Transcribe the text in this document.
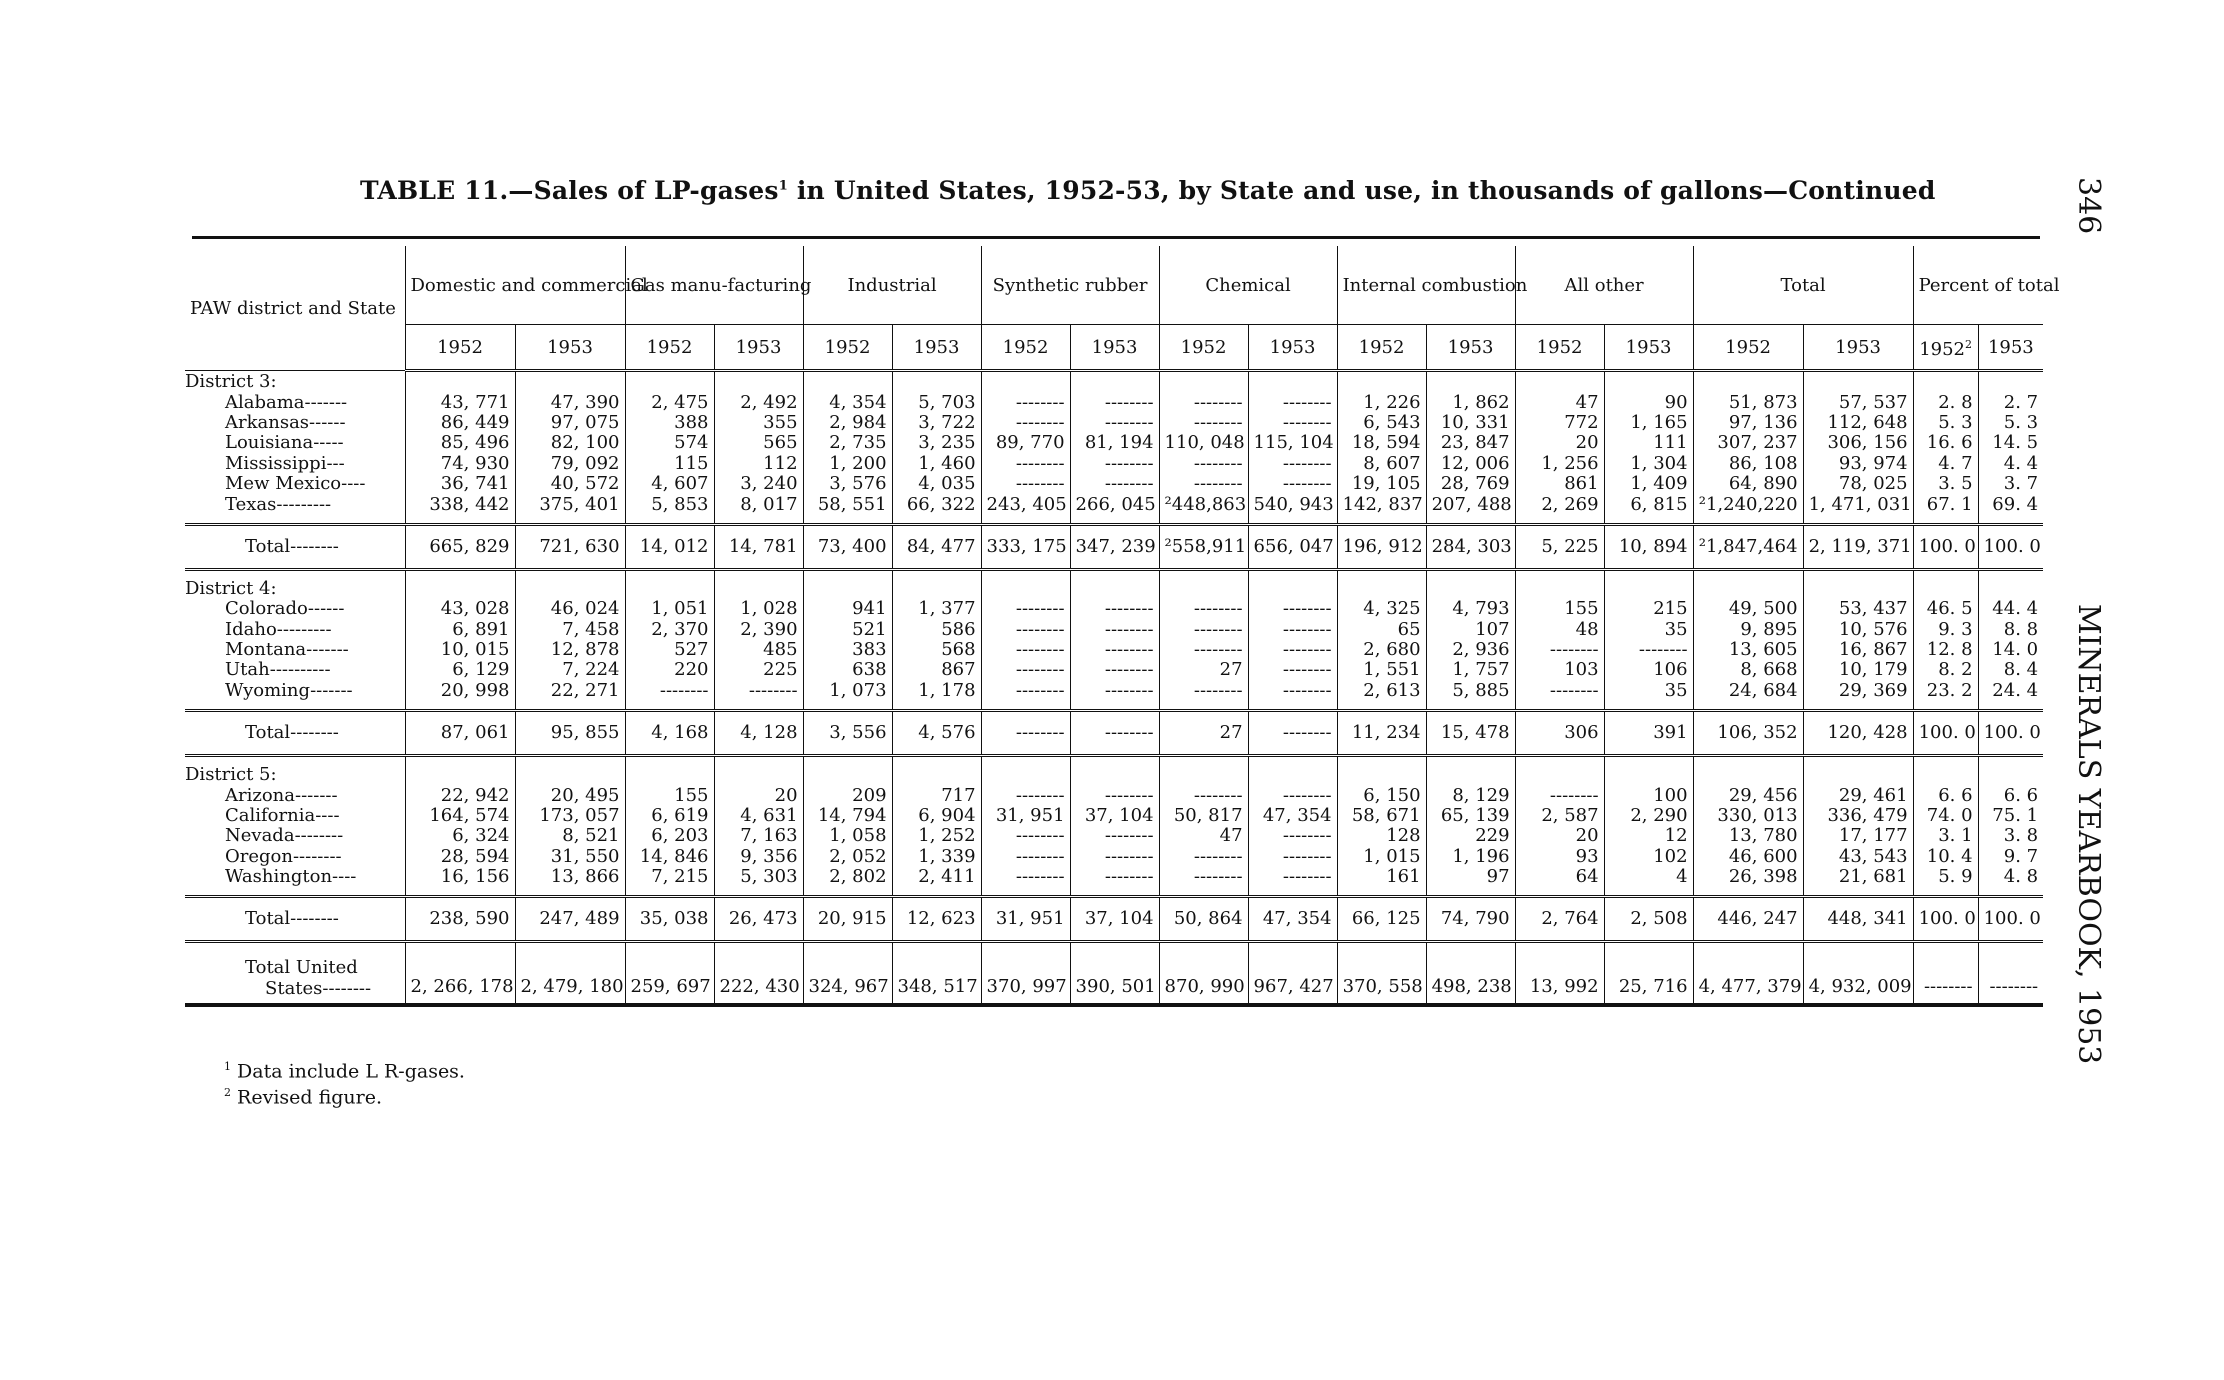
TABLE 11.—Sales of LP-gases$^1$ in United States, 1952-53, by State and use, in thousands of gallons—Continued	346 MINERALS YEARBOOK, 1953
PAW district and State	Domestic and commercial		Gas manu-facturing		Industrial		Synthetic rubber		Chemical		Internal combustion		All other		Total		Percent of total	
	1952	1953	1952	1953	1952	1953	1952	1953	1952	1953	1952	1953	1952	1953	1952	1953	1952$^2$	1953
District 3:																		
Alabama-------	43, 771	47, 390	2, 475	2, 492	4, 354	5, 703	--------	--------	--------	--------	1, 226	1, 862	47	90	51, 873	57, 537	2. 8	2. 7
Arkansas------	86, 449	97, 075	388	355	2, 984	3, 722	--------	--------	--------	--------	6, 543	10, 331	772	1, 165	97, 136	112, 648	5. 3	5. 3
Louisiana-----	85, 496	82, 100	574	565	2, 735	3, 235	89, 770	81, 194	110, 048	115, 104	18, 594	23, 847	20	111	307, 237	306, 156	16. 6	14. 5
Mississippi---	74, 930	79, 092	115	112	1, 200	1, 460	--------	--------	--------	--------	8, 607	12, 006	1, 256	1, 304	86, 108	93, 974	4. 7	4. 4
Mew Mexico----	36, 741	40, 572	4, 607	3, 240	3, 576	4, 035	--------	--------	--------	--------	19, 105	28, 769	861	1, 409	64, 890	78, 025	3. 5	3. 7
Texas---------	338, 442	375, 401	5, 853	8, 017	58, 551	66, 322	243, 405	266, 045	²448,863	540, 943	142, 837	207, 488	2, 269	6, 815	²1,240,220	1, 471, 031	67. 1	69. 4

Total--------	665, 829	721, 630	14, 012	14, 781	73, 400	84, 477	333, 175	347, 239	²558,911	656, 047	196, 912	284, 303	5, 225	10, 894	²1,847,464	2, 119, 371	100. 0	100. 0

District 4:																		
Colorado------	43, 028	46, 024	1, 051	1, 028	941	1, 377	--------	--------	--------	--------	4, 325	4, 793	155	215	49, 500	53, 437	46. 5	44. 4
Idaho---------	6, 891	7, 458	2, 370	2, 390	521	586	--------	--------	--------	--------	65	107	48	35	9, 895	10, 576	9. 3	8. 8
Montana-------	10, 015	12, 878	527	485	383	568	--------	--------	--------	--------	2, 680	2, 936	--------	--------	13, 605	16, 867	12. 8	14. 0
Utah----------	6, 129	7, 224	220	225	638	867	--------	--------	27	--------	1, 551	1, 757	103	106	8, 668	10, 179	8. 2	8. 4
Wyoming-------	20, 998	22, 271	--------	--------	1, 073	1, 178	--------	--------	--------	--------	2, 613	5, 885	--------	35	24, 684	29, 369	23. 2	24. 4

Total--------	87, 061	95, 855	4, 168	4, 128	3, 556	4, 576	--------	--------	27	--------	11, 234	15, 478	306	391	106, 352	120, 428	100. 0	100. 0

District 5:																		
Arizona-------	22, 942	20, 495	155	20	209	717	--------	--------	--------	--------	6, 150	8, 129	--------	100	29, 456	29, 461	6. 6	6. 6
California----	164, 574	173, 057	6, 619	4, 631	14, 794	6, 904	31, 951	37, 104	50, 817	47, 354	58, 671	65, 139	2, 587	2, 290	330, 013	336, 479	74. 0	75. 1
Nevada--------	6, 324	8, 521	6, 203	7, 163	1, 058	1, 252	--------	--------	47	--------	128	229	20	12	13, 780	17, 177	3. 1	3. 8
Oregon--------	28, 594	31, 550	14, 846	9, 356	2, 052	1, 339	--------	--------	--------	--------	1, 015	1, 196	93	102	46, 600	43, 543	10. 4	9. 7
Washington----	16, 156	13, 866	7, 215	5, 303	2, 802	2, 411	--------	--------	--------	--------	161	97	64	4	26, 398	21, 681	5. 9	4. 8

Total--------	238, 590	247, 489	35, 038	26, 473	20, 915	12, 623	31, 951	37, 104	50, 864	47, 354	66, 125	74, 790	2, 764	2, 508	446, 247	448, 341	100. 0	100. 0
Total United
States--------	2, 266, 178	2, 479, 180	259, 697	222, 430	324, 967	348, 517	370, 997	390, 501	870, 990	967, 427	370, 558	498, 238	13, 992	25, 716	4, 477, 379	4, 932, 009	--------	--------
$^1$ Data include L R-gases.
$^2$ Revised figure.
